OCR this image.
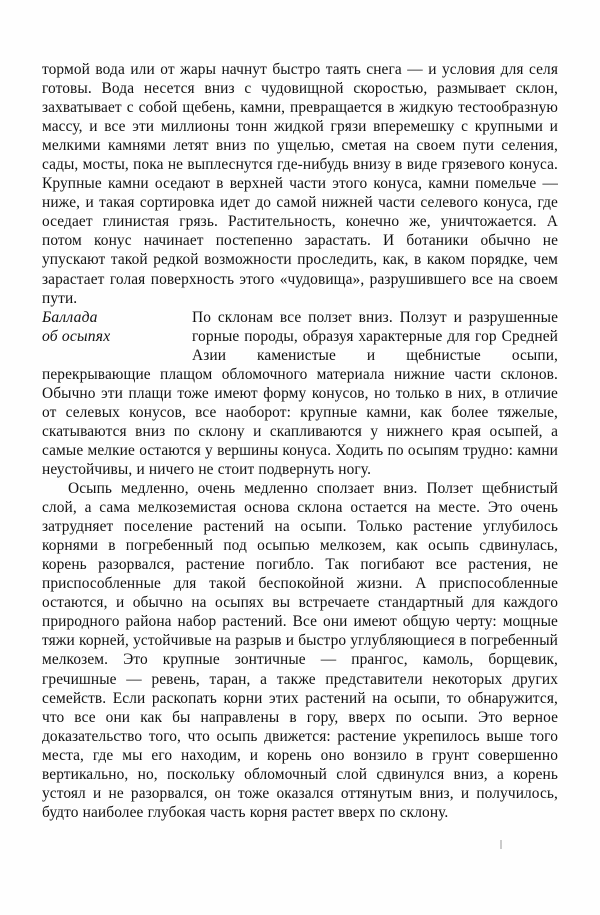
тормой вода или от жары начнут быстро таять снега — и условия для селя готовы. Вода несется вниз с чудовищной скоростью, размывает склон, захватывает с собой щебень, камни, превращается в жидкую тестообразную массу, и все эти миллионы тонн жидкой грязи вперемешку с крупными и мелкими камнями летят вниз по ущелью, сметая на своем пути селения, сады, мосты, пока не выплеснутся где-нибудь внизу в виде грязевого конуса. Крупные камни оседают в верхней части этого конуса, камни помельче — ниже, и такая сортировка идет до самой нижней части селевого конуса, где оседает глинистая грязь. Растительность, конечно же, уничтожается. А потом конус начинает постепенно зарастать. И ботаники обычно не упускают такой редкой возможности проследить, как, в каком порядке, чем зарастает голая поверхность этого «чудовища», разрушившего все на своем пути.

Баллада
об осыпях

По склонам все ползет вниз. Ползут и разрушенные горные породы, образуя характерные для гор Средней Азии каменистые и щебнистые осыпи, перекрывающие плащом обломочного материала нижние части склонов. Обычно эти плащи тоже имеют форму конусов, но только в них, в отличие от селевых конусов, все наоборот: крупные камни, как более тяжелые, скатываются вниз по склону и скапливаются у нижнего края осыпей, а самые мелкие остаются у вершины конуса. Ходить по осыпям трудно: камни неустойчивы, и ничего не стоит подвернуть ногу.

Осыпь медленно, очень медленно сползает вниз. Ползет щебнистый слой, а сама мелкоземистая основа склона остается на месте. Это очень затрудняет поселение растений на осыпи. Только растение углубилось корнями в погребенный под осыпью мелкозем, как осыпь сдвинулась, корень разорвался, растение погибло. Так погибают все растения, не приспособленные для такой беспокойной жизни. А приспособленные остаются, и обычно на осыпях вы встречаете стандартный для каждого природного района набор растений. Все они имеют общую черту: мощные тяжи корней, устойчивые на разрыв и быстро углубляющиеся в погребенный мелкозем. Это крупные зонтичные — прангос, камоль, борщевик, гречишные — ревень, таран, а также представители некоторых других семейств. Если раскопать корни этих растений на осыпи, то обнаружится, что все они как бы направлены в гору, вверх по осыпи. Это верное доказательство того, что осыпь движется: растение укрепилось выше того места, где мы его находим, и корень оно вонзило в грунт совершенно вертикально, но, поскольку обломочный слой сдвинулся вниз, а корень устоял и не разорвался, он тоже оказался оттянутым вниз, и получилось, будто наиболее глубокая часть корня растет вверх по склону.
